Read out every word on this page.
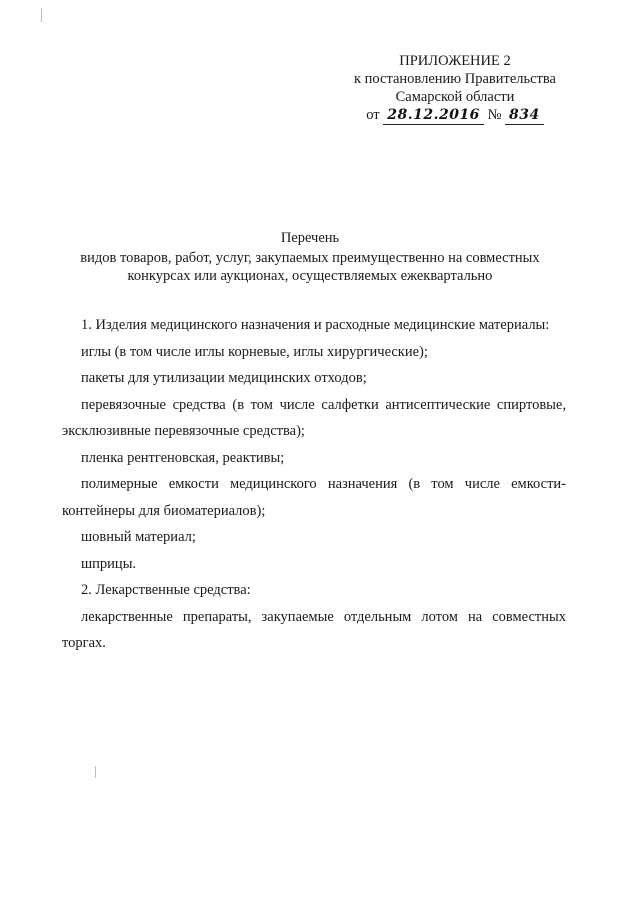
ПРИЛОЖЕНИЕ 2
к постановлению Правительства
Самарской области
от 28.12.2016 № 834
Перечень
видов товаров, работ, услуг, закупаемых преимущественно на совместных
конкурсах или аукционах, осуществляемых ежеквартально

1. Изделия медицинского назначения и расходные медицинские материалы:

иглы (в том числе иглы корневые, иглы хирургические);

пакеты для утилизации медицинских отходов;

перевязочные средства (в том числе салфетки антисептические спиртовые, эксклюзивные перевязочные средства);

пленка рентгеновская, реактивы;

полимерные емкости медицинского назначения (в том числе емкости-контейнеры для биоматериалов);

шовный материал;

шприцы.

2. Лекарственные средства:

лекарственные препараты, закупаемые отдельным лотом на совместных торгах.
